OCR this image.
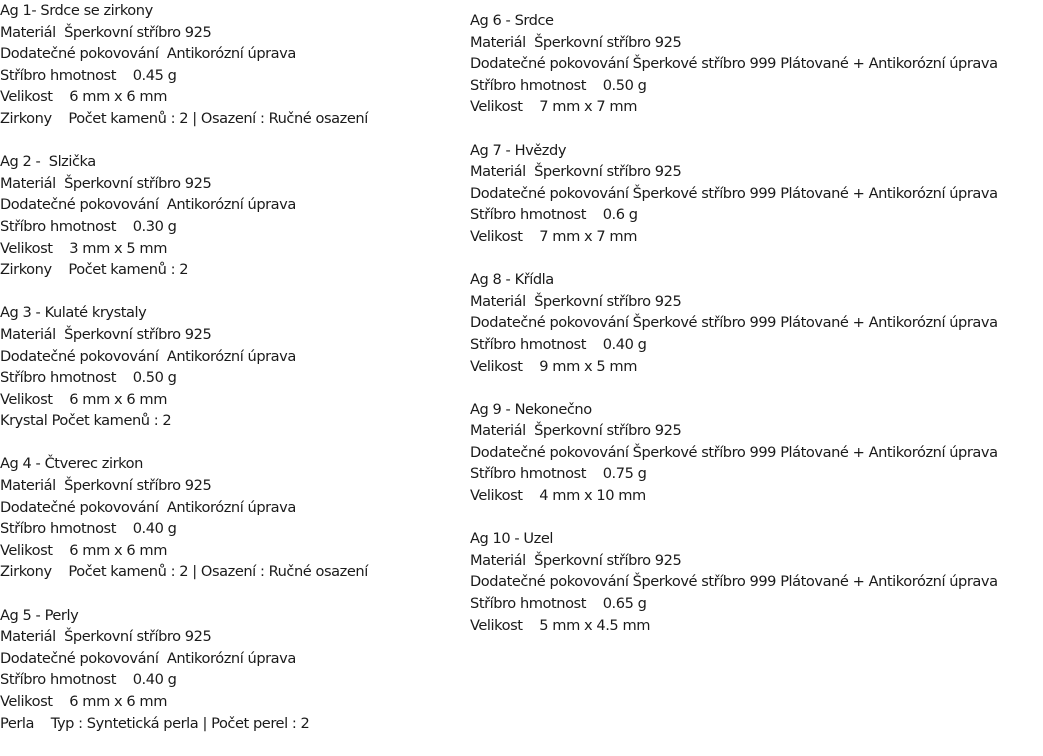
Ag 1- Srdce se zirkony
Materiál  Šperkovní stříbro 925
Dodatečné pokovování  Antikorózní úprava
Stříbro hmotnost    0.45 g
Velikost    6 mm x 6 mm
Zirkony    Počet kamenů : 2 | Osazení : Ručné osazení
Ag 2 -  Slzička
Materiál  Šperkovní stříbro 925
Dodatečné pokovování  Antikorózní úprava
Stříbro hmotnost    0.30 g
Velikost    3 mm x 5 mm
Zirkony    Počet kamenů : 2
Ag 3 - Kulaté krystaly
Materiál  Šperkovní stříbro 925
Dodatečné pokovování  Antikorózní úprava
Stříbro hmotnost    0.50 g
Velikost    6 mm x 6 mm
Krystal Počet kamenů : 2
Ag 4 - Čtverec zirkon
Materiál  Šperkovní stříbro 925
Dodatečné pokovování  Antikorózní úprava
Stříbro hmotnost    0.40 g
Velikost    6 mm x 6 mm
Zirkony    Počet kamenů : 2 | Osazení : Ručné osazení
Ag 5 - Perly
Materiál  Šperkovní stříbro 925
Dodatečné pokovování  Antikorózní úprava
Stříbro hmotnost    0.40 g
Velikost    6 mm x 6 mm
Perla    Typ : Syntetická perla | Počet perel : 2
Ag 6 - Srdce
Materiál  Šperkovní stříbro 925
Dodatečné pokovování Šperkové stříbro 999 Plátované + Antikorózní úprava
Stříbro hmotnost    0.50 g
Velikost    7 mm x 7 mm
Ag 7 - Hvězdy
Materiál  Šperkovní stříbro 925
Dodatečné pokovování Šperkové stříbro 999 Plátované + Antikorózní úprava
Stříbro hmotnost    0.6 g
Velikost    7 mm x 7 mm
Ag 8 - Křídla
Materiál  Šperkovní stříbro 925
Dodatečné pokovování Šperkové stříbro 999 Plátované + Antikorózní úprava
Stříbro hmotnost    0.40 g
Velikost    9 mm x 5 mm
Ag 9 - Nekonečno
Materiál  Šperkovní stříbro 925
Dodatečné pokovování Šperkové stříbro 999 Plátované + Antikorózní úprava
Stříbro hmotnost    0.75 g
Velikost    4 mm x 10 mm
Ag 10 - Uzel
Materiál  Šperkovní stříbro 925
Dodatečné pokovování Šperkové stříbro 999 Plátované + Antikorózní úprava
Stříbro hmotnost    0.65 g
Velikost    5 mm x 4.5 mm
